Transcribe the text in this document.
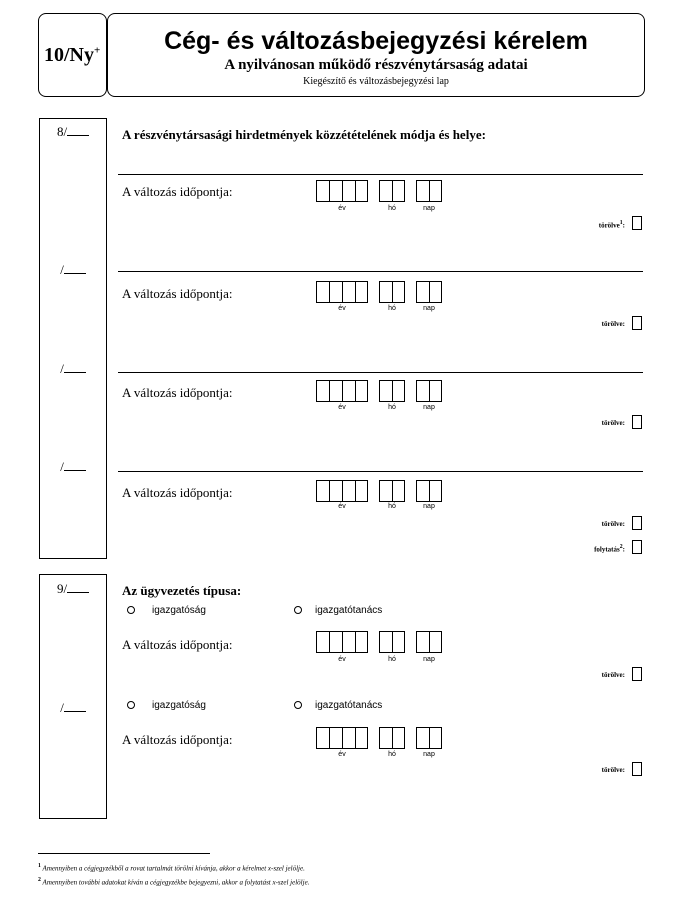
10/Ny+	Cég- és változásbejegyzési kérelem
A nyilvánosan működő részvénytársaság adatai
Kiegészítő és változásbejegyzési lap
8/	A részvénytársasági hirdetmények közzétételének módja és helye:
A változás időpontja:
év	hó	nap
törölve$^1$:
/
A változás időpontja:
év	hó	nap
törölve:
/
A változás időpontja:
év	hó	nap
törölve:
/
A változás időpontja:
év	hó	nap
törölve:
folytatás$^2$:
9/	Az ügyvezetés típusa:
igazgatóság	igazgatótanács
A változás időpontja:
év	hó	nap
törölve:
/	igazgatóság	igazgatótanács
A változás időpontja:
év	hó	nap
törölve:
$^1$ Amennyiben a cégjegyzékből a rovat tartalmát törölni kívánja, akkor a kérelmet x-szel jelölje.
$^2$ Amennyiben további adatokat kíván a cégjegyzékbe bejegyezni, akkor a folytatást x-szel jelölje.
